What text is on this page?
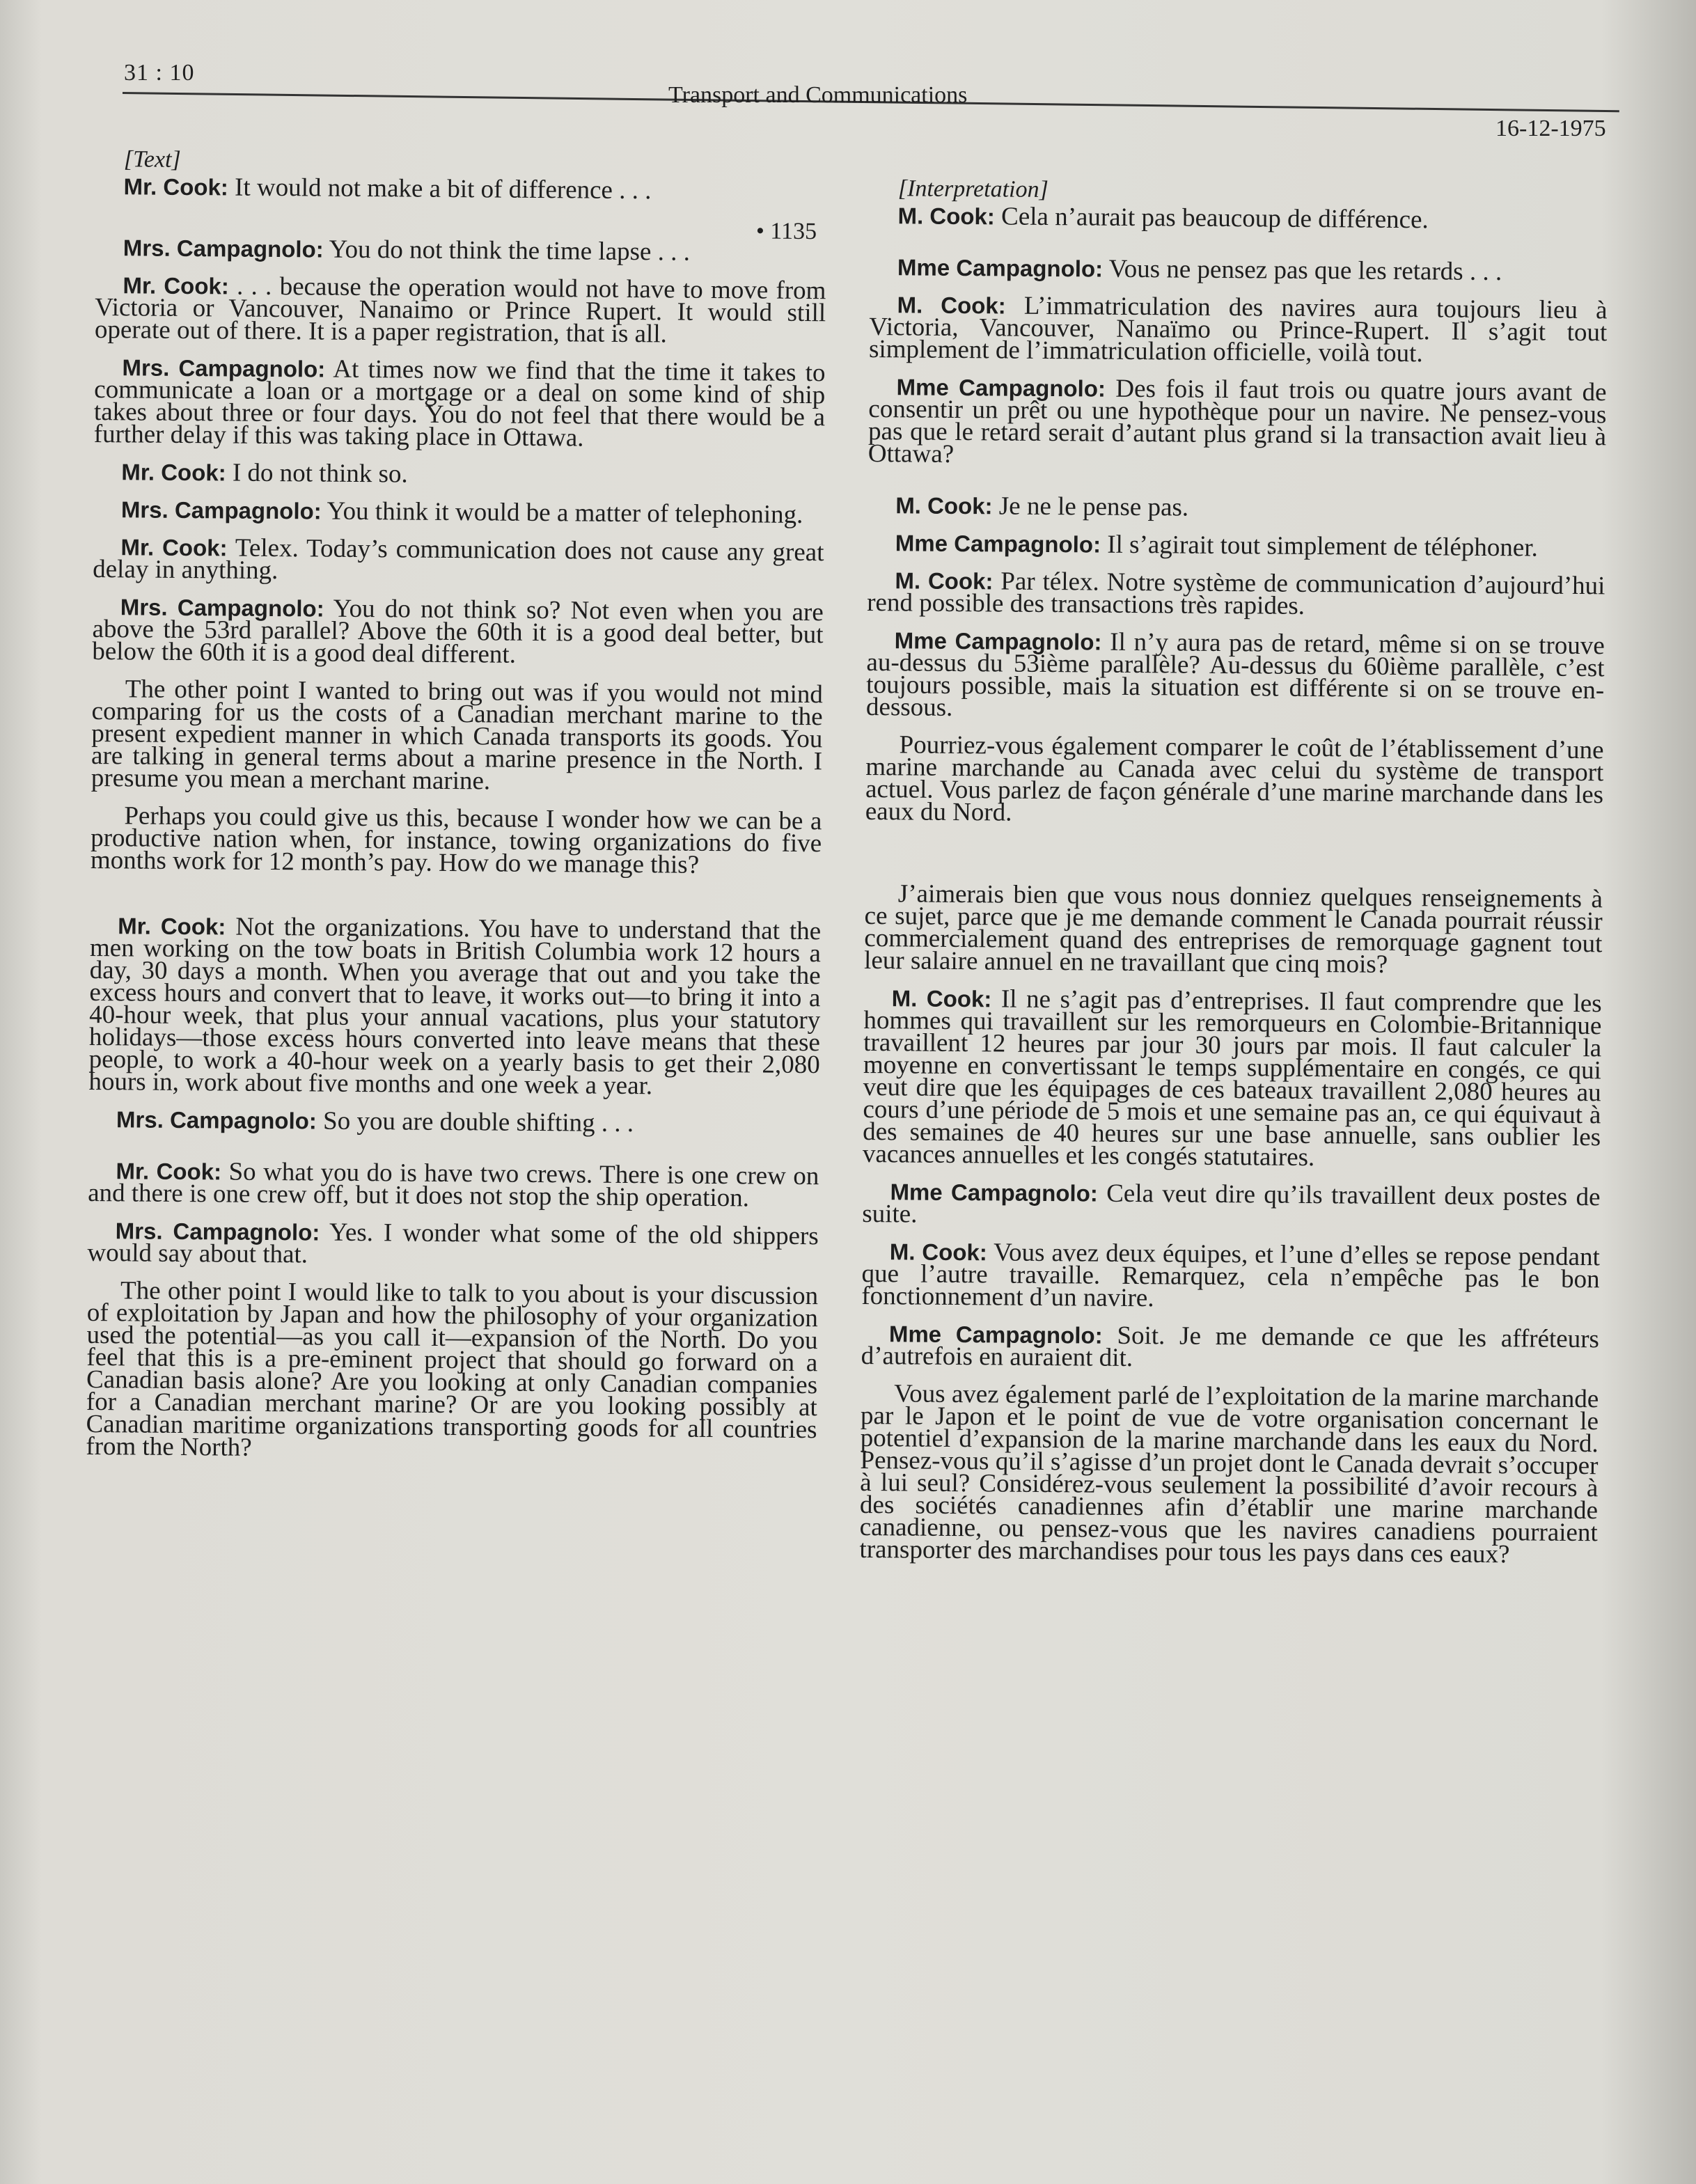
31 : 10
Transport and Communications
16-12-1975
[Text]
Mr. Cook: It would not make a bit of difference . . .
• 1135
Mrs. Campagnolo: You do not think the time lapse . . .
Mr. Cook: . . . because the operation would not have to move from Victoria or Vancouver, Nanaimo or Prince Rupert. It would still operate out of there. It is a paper registration, that is all.
Mrs. Campagnolo: At times now we find that the time it takes to communicate a loan or a mortgage or a deal on some kind of ship takes about three or four days. You do not feel that there would be a further delay if this was taking place in Ottawa.
Mr. Cook: I do not think so.
Mrs. Campagnolo: You think it would be a matter of telephoning.
Mr. Cook: Telex. Today’s communication does not cause any great delay in anything.
Mrs. Campagnolo: You do not think so? Not even when you are above the 53rd parallel? Above the 60th it is a good deal better, but below the 60th it is a good deal different.
The other point I wanted to bring out was if you would not mind comparing for us the costs of a Canadian merchant marine to the present expedient manner in which Canada transports its goods. You are talking in general terms about a marine presence in the North. I presume you mean a merchant marine.
Perhaps you could give us this, because I wonder how we can be a productive nation when, for instance, towing organizations do five months work for 12 month’s pay. How do we manage this?
Mr. Cook: Not the organizations. You have to understand that the men working on the tow boats in British Columbia work 12 hours a day, 30 days a month. When you average that out and you take the excess hours and convert that to leave, it works out—to bring it into a 40-hour week, that plus your annual vacations, plus your statutory holidays—those excess hours converted into leave means that these people, to work a 40-hour week on a yearly basis to get their 2,080 hours in, work about five months and one week a year.
Mrs. Campagnolo: So you are double shifting . . .
Mr. Cook: So what you do is have two crews. There is one crew on and there is one crew off, but it does not stop the ship operation.
Mrs. Campagnolo: Yes. I wonder what some of the old shippers would say about that.
The other point I would like to talk to you about is your discussion of exploitation by Japan and how the philosophy of your organization used the potential—as you call it—expansion of the North. Do you feel that this is a pre-eminent project that should go forward on a Canadian basis alone? Are you looking at only Canadian companies for a Canadian merchant marine? Or are you looking possibly at Canadian maritime organizations transporting goods for all countries from the North?
[Interpretation]
M. Cook: Cela n’aurait pas beaucoup de différence.
Mme Campagnolo: Vous ne pensez pas que les retards . . .
M. Cook: L’immatriculation des navires aura toujours lieu à Victoria, Vancouver, Nanaïmo ou Prince-Rupert. Il s’agit tout simplement de l’immatriculation officielle, voilà tout.
Mme Campagnolo: Des fois il faut trois ou quatre jours avant de consentir un prêt ou une hypothèque pour un navire. Ne pensez-vous pas que le retard serait d’autant plus grand si la transaction avait lieu à Ottawa?
M. Cook: Je ne le pense pas.
Mme Campagnolo: Il s’agirait tout simplement de téléphoner.
M. Cook: Par télex. Notre système de communication d’aujourd’hui rend possible des transactions très rapides.
Mme Campagnolo: Il n’y aura pas de retard, même si on se trouve au-dessus du 53ième parallèle? Au-dessus du 60ième parallèle, c’est toujours possible, mais la situation est différente si on se trouve en-dessous.
Pourriez-vous également comparer le coût de l’établissement d’une marine marchande au Canada avec celui du système de transport actuel. Vous parlez de façon générale d’une marine marchande dans les eaux du Nord.
J’aimerais bien que vous nous donniez quelques renseignements à ce sujet, parce que je me demande comment le Canada pourrait réussir commercialement quand des entreprises de remorquage gagnent tout leur salaire annuel en ne travaillant que cinq mois?
M. Cook: Il ne s’agit pas d’entreprises. Il faut comprendre que les hommes qui travaillent sur les remorqueurs en Colombie-Britannique travaillent 12 heures par jour 30 jours par mois. Il faut calculer la moyenne en convertissant le temps supplémentaire en congés, ce qui veut dire que les équipages de ces bateaux travaillent 2,080 heures au cours d’une période de 5 mois et une semaine pas an, ce qui équivaut à des semaines de 40 heures sur une base annuelle, sans oublier les vacances annuelles et les congés statutaires.
Mme Campagnolo: Cela veut dire qu’ils travaillent deux postes de suite.
M. Cook: Vous avez deux équipes, et l’une d’elles se repose pendant que l’autre travaille. Remarquez, cela n’empêche pas le bon fonctionnement d’un navire.
Mme Campagnolo: Soit. Je me demande ce que les affréteurs d’autrefois en auraient dit.
Vous avez également parlé de l’exploitation de la marine marchande par le Japon et le point de vue de votre organisation concernant le potentiel d’expansion de la marine marchande dans les eaux du Nord. Pensez-vous qu’il s’agisse d’un projet dont le Canada devrait s’occuper à lui seul? Considérez-vous seulement la possibilité d’avoir recours à des sociétés canadiennes afin d’établir une marine marchande canadienne, ou pensez-vous que les navires canadiens pourraient transporter des marchandises pour tous les pays dans ces eaux?
